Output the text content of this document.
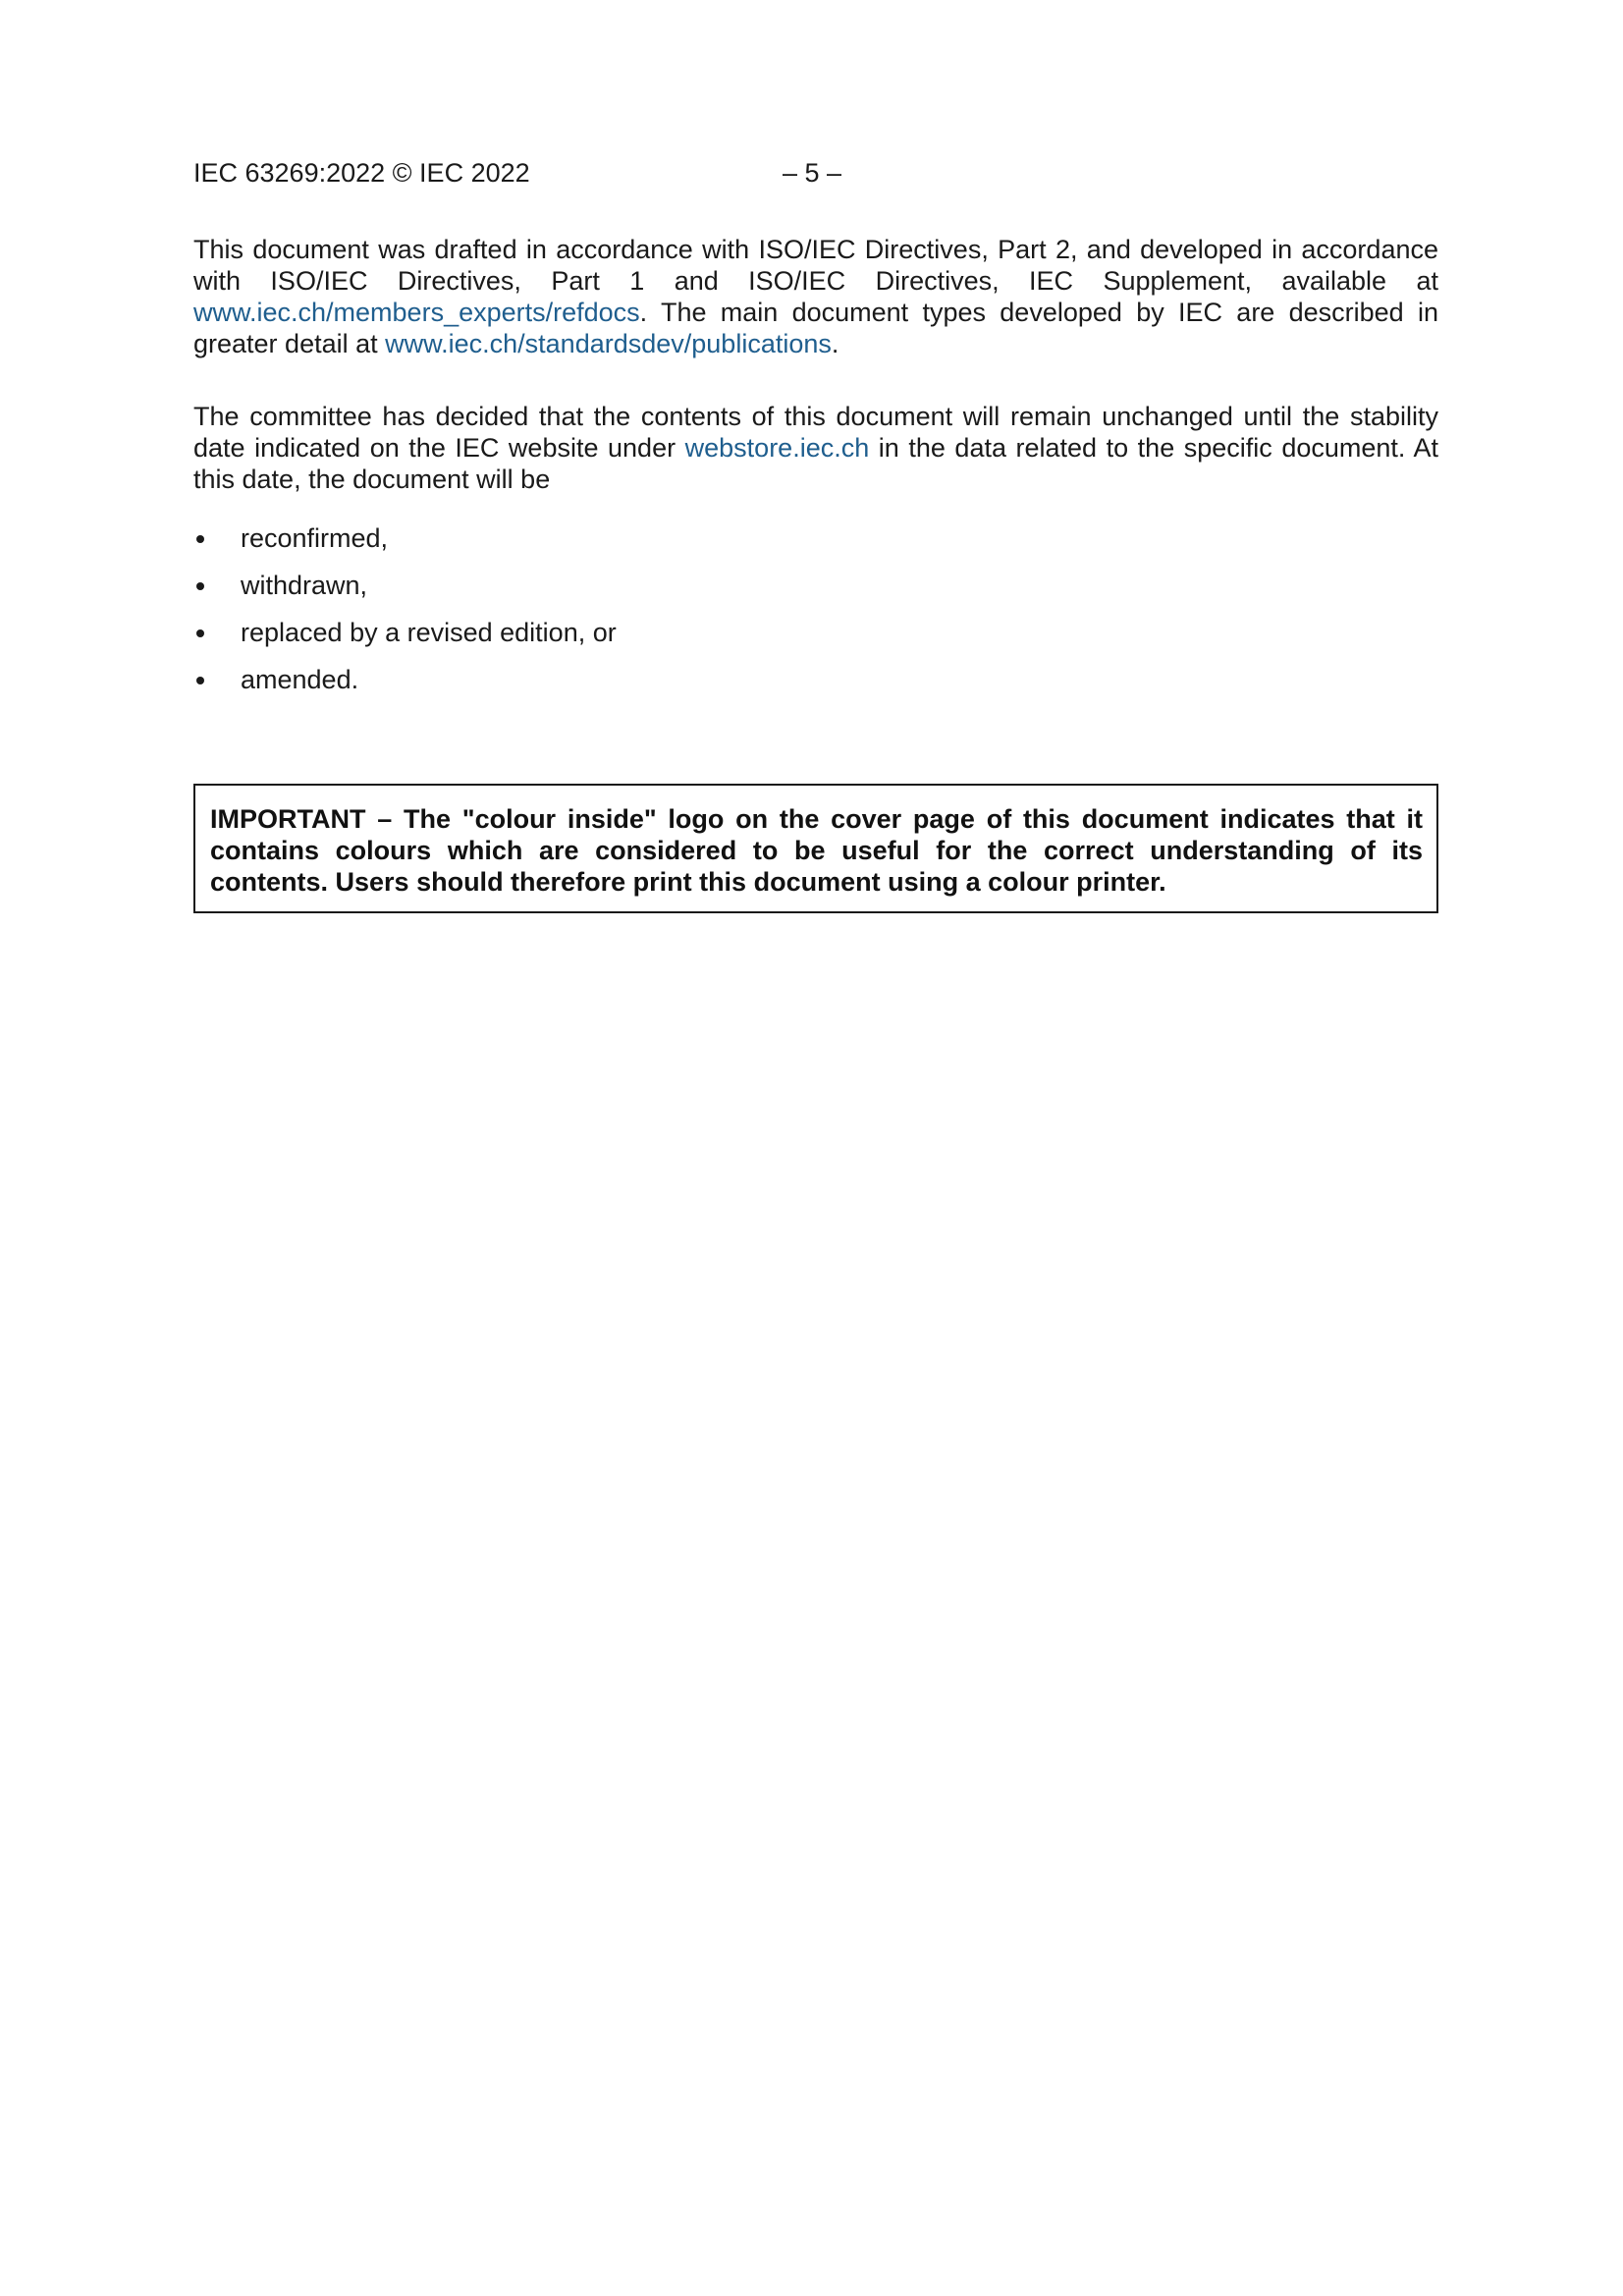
IEC 63269:2022 © IEC 2022	– 5 –

This document was drafted in accordance with ISO/IEC Directives, Part 2, and developed in accordance with ISO/IEC Directives, Part 1 and ISO/IEC Directives, IEC Supplement, available at www.iec.ch/members_experts/refdocs. The main document types developed by IEC are described in greater detail at www.iec.ch/standardsdev/publications.

The committee has decided that the contents of this document will remain unchanged until the stability date indicated on the IEC website under webstore.iec.ch in the data related to the specific document. At this date, the document will be

reconfirmed,
withdrawn,
replaced by a revised edition, or
amended.

IMPORTANT – The "colour inside" logo on the cover page of this document indicates that it contains colours which are considered to be useful for the correct understanding of its contents. Users should therefore print this document using a colour printer.
